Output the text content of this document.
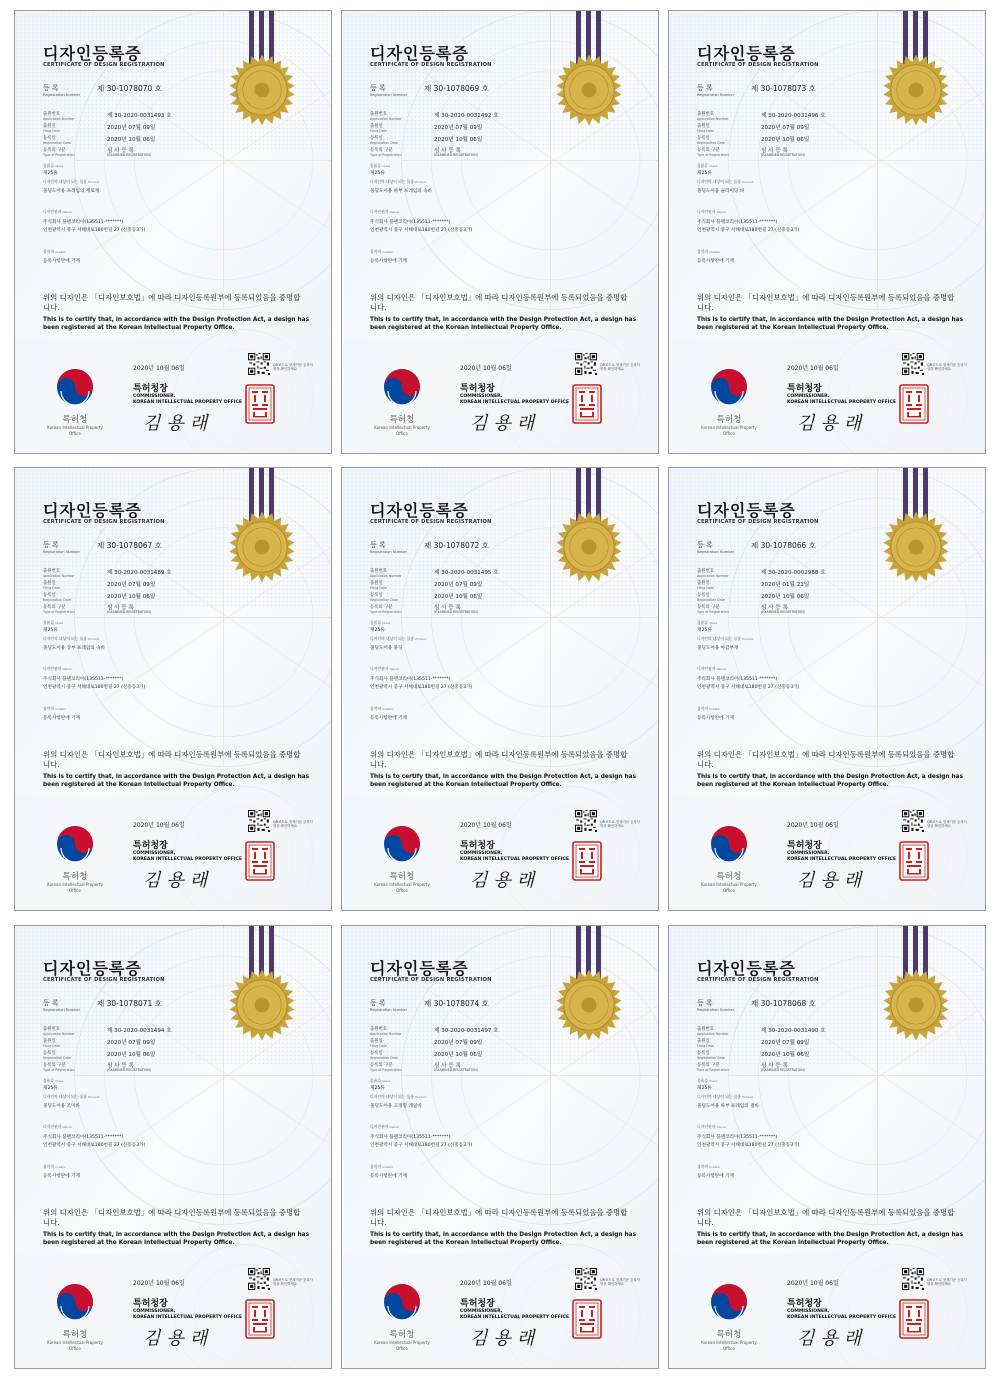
디자인등록증
CERTIFICATE OF DESIGN REGISTRATION
등 록
Registration Number
제 30-1078070 호
출원번호
Application Number	제 30-2020-0031493 호
출원일
Filing Date	2020년 07월 09일
등록일
Registration Date	2020년 10월 06일
등록의 구분
Type of Registration
심 사 등 록
(EXAMINED REGISTRATION)
물품류 Class
제25류
디자인의 대상이 되는 물품 Product
몰딩도어용 프레임의 세로재
디자인권자 Owner
주식회사 플랜코리아(135511-*******)
인천광역시 중구 서해대로180번길 27 (신흥동3가)
창작자 Creator
등록사항란에 기재
위의 디자인은 「디자인보호법」에 따라 디자인등록원부에 등록되었음을 증명합니다.
This is to certify that, in accordance with the Design Protection Act, a design has been registered at the Korean Intellectual Property Office.
2020년 10월 06일	QR코드로 현재기준 등록사항을 확인하세요
특허청
Korean Intellectual Property Office
특허청장
COMMISSIONER,
KOREAN INTELLECTUAL PROPERTY OFFICE
김용래
디자인등록증
CERTIFICATE OF DESIGN REGISTRATION
등 록
Registration Number
제 30-1078069 호
출원번호
Application Number	제 30-2020-0031492 호
출원일
Filing Date	2020년 07월 09일
등록일
Registration Date	2020년 10월 06일
등록의 구분
Type of Registration
심 사 등 록
(EXAMINED REGISTRATION)
물품류 Class
제25류
디자인의 대상이 되는 물품 Product
몰딩도어용 하부 프레임의 속바
디자인권자 Owner
주식회사 플랜코리아(135511-*******)
인천광역시 중구 서해대로180번길 27 (신흥동3가)
창작자 Creator
등록사항란에 기재
위의 디자인은 「디자인보호법」에 따라 디자인등록원부에 등록되었음을 증명합니다.
This is to certify that, in accordance with the Design Protection Act, a design has been registered at the Korean Intellectual Property Office.
2020년 10월 06일	QR코드로 현재기준 등록사항을 확인하세요
특허청
Korean Intellectual Property Office
특허청장
COMMISSIONER,
KOREAN INTELLECTUAL PROPERTY OFFICE
김용래
디자인등록증
CERTIFICATE OF DESIGN REGISTRATION
등 록
Registration Number
제 30-1078073 호
출원번호
Application Number	제 30-2020-0031496 호
출원일
Filing Date	2020년 07월 09일
등록일
Registration Date	2020년 10월 06일
등록의 구분
Type of Registration
심 사 등 록
(EXAMINED REGISTRATION)
물품류 Class
제25류
디자인의 대상이 되는 물품 Product
몰딩도어용 슬라이딩 바
디자인권자 Owner
주식회사 플랜코리아(135511-*******)
인천광역시 중구 서해대로180번길 27 (신흥동3가)
창작자 Creator
등록사항란에 기재
위의 디자인은 「디자인보호법」에 따라 디자인등록원부에 등록되었음을 증명합니다.
This is to certify that, in accordance with the Design Protection Act, a design has been registered at the Korean Intellectual Property Office.
2020년 10월 06일	QR코드로 현재기준 등록사항을 확인하세요
특허청
Korean Intellectual Property Office
특허청장
COMMISSIONER,
KOREAN INTELLECTUAL PROPERTY OFFICE
김용래
디자인등록증
CERTIFICATE OF DESIGN REGISTRATION
등 록
Registration Number
제 30-1078067 호
출원번호
Application Number	제 30-2020-0031489 호
출원일
Filing Date	2020년 07월 09일
등록일
Registration Date	2020년 10월 06일
등록의 구분
Type of Registration
심 사 등 록
(EXAMINED REGISTRATION)
물품류 Class
제25류
디자인의 대상이 되는 물품 Product
몰딩도어용 상부 프레임의 속바
디자인권자 Owner
주식회사 플랜코리아(135511-*******)
인천광역시 중구 서해대로180번길 27 (신흥동3가)
창작자 Creator
등록사항란에 기재
위의 디자인은 「디자인보호법」에 따라 디자인등록원부에 등록되었음을 증명합니다.
This is to certify that, in accordance with the Design Protection Act, a design has been registered at the Korean Intellectual Property Office.
2020년 10월 06일	QR코드로 현재기준 등록사항을 확인하세요
특허청
Korean Intellectual Property Office
특허청장
COMMISSIONER,
KOREAN INTELLECTUAL PROPERTY OFFICE
김용래
디자인등록증
CERTIFICATE OF DESIGN REGISTRATION
등 록
Registration Number
제 30-1078072 호
출원번호
Application Number	제 30-2020-0031495 호
출원일
Filing Date	2020년 07월 09일
등록일
Registration Date	2020년 10월 06일
등록의 구분
Type of Registration
심 사 등 록
(EXAMINED REGISTRATION)
물품류 Class
제25류
디자인의 대상이 되는 물품 Product
몰딩도어용 몰딩
디자인권자 Owner
주식회사 플랜코리아(135511-*******)
인천광역시 중구 서해대로180번길 27 (신흥동3가)
창작자 Creator
등록사항란에 기재
위의 디자인은 「디자인보호법」에 따라 디자인등록원부에 등록되었음을 증명합니다.
This is to certify that, in accordance with the Design Protection Act, a design has been registered at the Korean Intellectual Property Office.
2020년 10월 06일	QR코드로 현재기준 등록사항을 확인하세요
특허청
Korean Intellectual Property Office
특허청장
COMMISSIONER,
KOREAN INTELLECTUAL PROPERTY OFFICE
김용래
디자인등록증
CERTIFICATE OF DESIGN REGISTRATION
등 록
Registration Number
제 30-1078066 호
출원번호
Application Number	제 30-2020-0002988 호
출원일
Filing Date	2020년 01월 21일
등록일
Registration Date	2020년 10월 06일
등록의 구분
Type of Registration
심 사 등 록
(EXAMINED REGISTRATION)
물품류 Class
제25류
디자인의 대상이 되는 물품 Product
몰딩도어용 마감부재
디자인권자 Owner
주식회사 플랜코리아(135511-*******)
인천광역시 중구 서해대로180번길 27 (신흥동3가)
창작자 Creator
등록사항란에 기재
위의 디자인은 「디자인보호법」에 따라 디자인등록원부에 등록되었음을 증명합니다.
This is to certify that, in accordance with the Design Protection Act, a design has been registered at the Korean Intellectual Property Office.
2020년 10월 06일	QR코드로 현재기준 등록사항을 확인하세요
특허청
Korean Intellectual Property Office
특허청장
COMMISSIONER,
KOREAN INTELLECTUAL PROPERTY OFFICE
김용래
디자인등록증
CERTIFICATE OF DESIGN REGISTRATION
등 록
Registration Number
제 30-1078071 호
출원번호
Application Number	제 30-2020-0031494 호
출원일
Filing Date	2020년 07월 09일
등록일
Registration Date	2020년 10월 06일
등록의 구분
Type of Registration
심 사 등 록
(EXAMINED REGISTRATION)
물품류 Class
제25류
디자인의 대상이 되는 물품 Product
몰딩도어용 조이바
디자인권자 Owner
주식회사 플랜코리아(135511-*******)
인천광역시 중구 서해대로180번길 27 (신흥동3가)
창작자 Creator
등록사항란에 기재
위의 디자인은 「디자인보호법」에 따라 디자인등록원부에 등록되었음을 증명합니다.
This is to certify that, in accordance with the Design Protection Act, a design has been registered at the Korean Intellectual Property Office.
2020년 10월 06일	QR코드로 현재기준 등록사항을 확인하세요
특허청
Korean Intellectual Property Office
특허청장
COMMISSIONER,
KOREAN INTELLECTUAL PROPERTY OFFICE
김용래
디자인등록증
CERTIFICATE OF DESIGN REGISTRATION
등 록
Registration Number
제 30-1078074 호
출원번호
Application Number	제 30-2020-0031497 호
출원일
Filing Date	2020년 07월 09일
등록일
Registration Date	2020년 10월 06일
등록의 구분
Type of Registration
심 사 등 록
(EXAMINED REGISTRATION)
물품류 Class
제25류
디자인의 대상이 되는 물품 Product
몰딩도어용 고정형 레일바
디자인권자 Owner
주식회사 플랜코리아(135511-*******)
인천광역시 중구 서해대로180번길 27 (신흥동3가)
창작자 Creator
등록사항란에 기재
위의 디자인은 「디자인보호법」에 따라 디자인등록원부에 등록되었음을 증명합니다.
This is to certify that, in accordance with the Design Protection Act, a design has been registered at the Korean Intellectual Property Office.
2020년 10월 06일	QR코드로 현재기준 등록사항을 확인하세요
특허청
Korean Intellectual Property Office
특허청장
COMMISSIONER,
KOREAN INTELLECTUAL PROPERTY OFFICE
김용래
디자인등록증
CERTIFICATE OF DESIGN REGISTRATION
등 록
Registration Number
제 30-1078068 호
출원번호
Application Number	제 30-2020-0031490 호
출원일
Filing Date	2020년 07월 09일
등록일
Registration Date	2020년 10월 06일
등록의 구분
Type of Registration
심 사 등 록
(EXAMINED REGISTRATION)
물품류 Class
제25류
디자인의 대상이 되는 물품 Product
몰딩도어용 하부 프레임의 걸바
디자인권자 Owner
주식회사 플랜코리아(135511-*******)
인천광역시 중구 서해대로180번길 27 (신흥동3가)
창작자 Creator
등록사항란에 기재
위의 디자인은 「디자인보호법」에 따라 디자인등록원부에 등록되었음을 증명합니다.
This is to certify that, in accordance with the Design Protection Act, a design has been registered at the Korean Intellectual Property Office.
2020년 10월 06일	QR코드로 현재기준 등록사항을 확인하세요
특허청
Korean Intellectual Property Office
특허청장
COMMISSIONER,
KOREAN INTELLECTUAL PROPERTY OFFICE
김용래
